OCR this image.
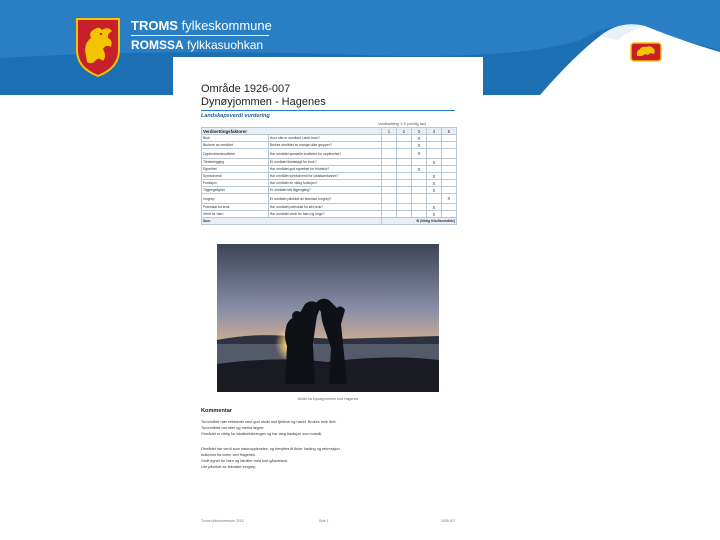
TROMS fylkeskommune
ROMSSA fylkkasuohkan
Område 1926-007
Dynøyjommen - Hagenes
Landskapsverdi vurdering
Verdisetting 1-5 (veldig lav)
Verdisettingsfaktorer		1	2	3	4	5
Bruk	Hvor ofte er området i aktiv bruk?			X		
Brukere av området	Brukes området av mange ulike grupper?			X		
Opplevelseskvaliteter	Har området spesielle kvaliteter for opplevelse?			X		
Tilrettelegging	Er området tilrettelagt for bruk?				X	
Egnethet	Har området god egnethet for friluftsliv?			X		
Symbolverdi	Har området symbolverdi for lokalsamfunnet?				X	
Funksjon	Har området en viktig funksjon?				X	
Tilgjengelighet	Er området lett tilgjengelig?				X	
Inngrep	Er området påvirket av tekniske inngrep?					X
Potensial for bruk	Har området potensial for økt bruk?				X	
Verdi for barn	Har området verdi for barn og unge?				X	
Sum		B (Viktig friluftsområde)				
Utsikt fra Dynøyjommen mot Hagenes
Kommentar
Turområde nær tettstedet med god utsikt mot fjellene og havet. Brukes hele året.
Turområdet har stier og merka løyper.
Området er viktig for lokalbefolkningen og har lang tradisjon som turmål.
Området har verdi som naturopplevelse, og benyttes til fiske, bading og rekreasjon.
Adkomst fra veien ved Hagenes.
Godt egnet for barn og familier med kort gåavstand.
Lite påvirket av tekniske inngrep.
Troms fylkeskommune 2015	Side 1	1926-007
